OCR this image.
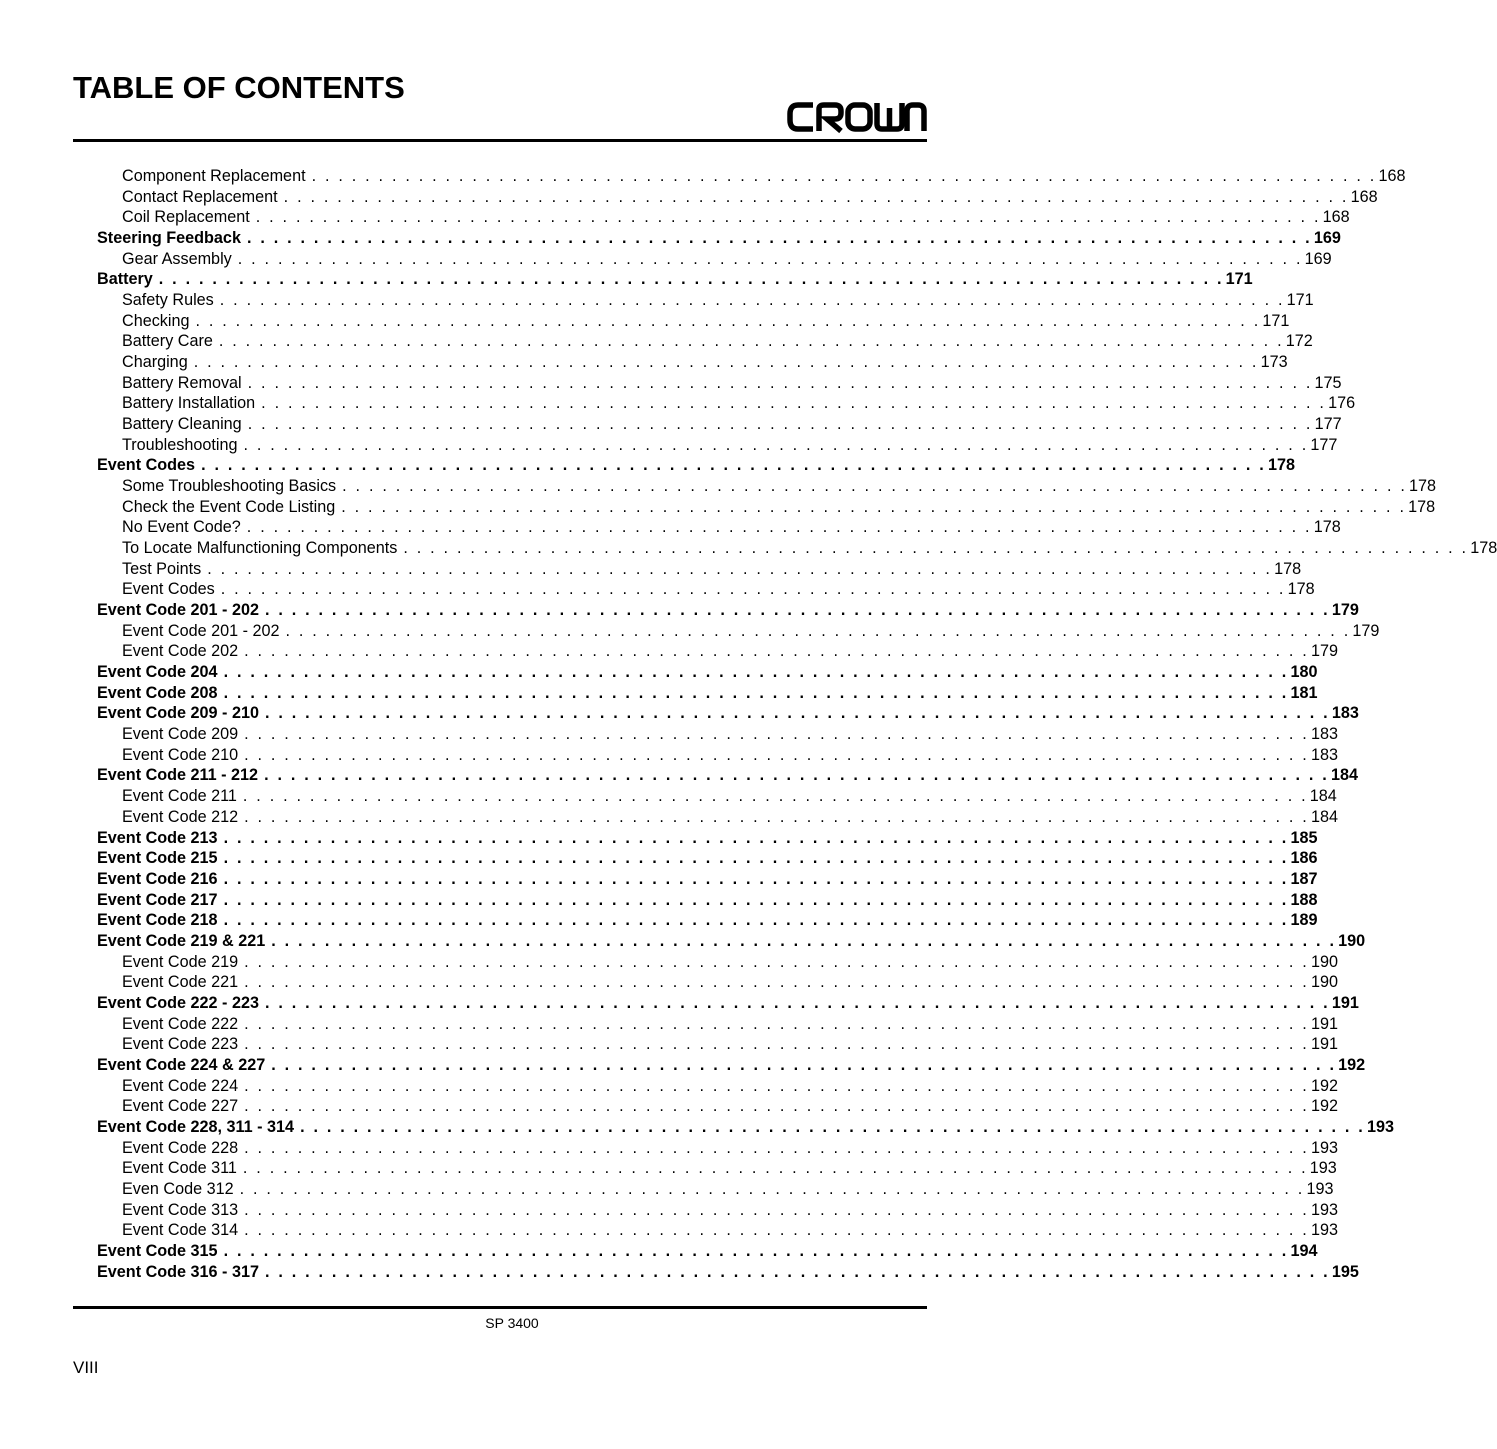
TABLE OF CONTENTS
Component Replacement . . . . . . . . . . . . . . . . . . . . . . . . . . . . . . . . . . . . . . . . . . . . . . . . . . . . . . . . . . . . . . . . . . . . . . . . . . . . . . . . 168
Contact Replacement . . . . . . . . . . . . . . . . . . . . . . . . . . . . . . . . . . . . . . . . . . . . . . . . . . . . . . . . . . . . . . . . . . . . . . . . . . . . . . . . 168
Coil Replacement . . . . . . . . . . . . . . . . . . . . . . . . . . . . . . . . . . . . . . . . . . . . . . . . . . . . . . . . . . . . . . . . . . . . . . . . . . . . . . . . 168
Steering Feedback . . . . . . . . . . . . . . . . . . . . . . . . . . . . . . . . . . . . . . . . . . . . . . . . . . . . . . . . . . . . . . . . . . . . . . . . . . . . . . . . 169
Gear Assembly . . . . . . . . . . . . . . . . . . . . . . . . . . . . . . . . . . . . . . . . . . . . . . . . . . . . . . . . . . . . . . . . . . . . . . . . . . . . . . . . 169
Battery . . . . . . . . . . . . . . . . . . . . . . . . . . . . . . . . . . . . . . . . . . . . . . . . . . . . . . . . . . . . . . . . . . . . . . . . . . . . . . . . 171
Safety Rules . . . . . . . . . . . . . . . . . . . . . . . . . . . . . . . . . . . . . . . . . . . . . . . . . . . . . . . . . . . . . . . . . . . . . . . . . . . . . . . . 171
Checking . . . . . . . . . . . . . . . . . . . . . . . . . . . . . . . . . . . . . . . . . . . . . . . . . . . . . . . . . . . . . . . . . . . . . . . . . . . . . . . . 171
Battery Care . . . . . . . . . . . . . . . . . . . . . . . . . . . . . . . . . . . . . . . . . . . . . . . . . . . . . . . . . . . . . . . . . . . . . . . . . . . . . . . . 172
Charging . . . . . . . . . . . . . . . . . . . . . . . . . . . . . . . . . . . . . . . . . . . . . . . . . . . . . . . . . . . . . . . . . . . . . . . . . . . . . . . . 173
Battery Removal . . . . . . . . . . . . . . . . . . . . . . . . . . . . . . . . . . . . . . . . . . . . . . . . . . . . . . . . . . . . . . . . . . . . . . . . . . . . . . . . 175
Battery Installation . . . . . . . . . . . . . . . . . . . . . . . . . . . . . . . . . . . . . . . . . . . . . . . . . . . . . . . . . . . . . . . . . . . . . . . . . . . . . . . . 176
Battery Cleaning . . . . . . . . . . . . . . . . . . . . . . . . . . . . . . . . . . . . . . . . . . . . . . . . . . . . . . . . . . . . . . . . . . . . . . . . . . . . . . . . 177
Troubleshooting . . . . . . . . . . . . . . . . . . . . . . . . . . . . . . . . . . . . . . . . . . . . . . . . . . . . . . . . . . . . . . . . . . . . . . . . . . . . . . . . 177
Event Codes . . . . . . . . . . . . . . . . . . . . . . . . . . . . . . . . . . . . . . . . . . . . . . . . . . . . . . . . . . . . . . . . . . . . . . . . . . . . . . . . 178
Some Troubleshooting Basics . . . . . . . . . . . . . . . . . . . . . . . . . . . . . . . . . . . . . . . . . . . . . . . . . . . . . . . . . . . . . . . . . . . . . . . . . . . . . . . . 178
Check the Event Code Listing . . . . . . . . . . . . . . . . . . . . . . . . . . . . . . . . . . . . . . . . . . . . . . . . . . . . . . . . . . . . . . . . . . . . . . . . . . . . . . . . 178
No Event Code? . . . . . . . . . . . . . . . . . . . . . . . . . . . . . . . . . . . . . . . . . . . . . . . . . . . . . . . . . . . . . . . . . . . . . . . . . . . . . . . . 178
To Locate Malfunctioning Components . . . . . . . . . . . . . . . . . . . . . . . . . . . . . . . . . . . . . . . . . . . . . . . . . . . . . . . . . . . . . . . . . . . . . . . . . . . . . . . . 178
Test Points . . . . . . . . . . . . . . . . . . . . . . . . . . . . . . . . . . . . . . . . . . . . . . . . . . . . . . . . . . . . . . . . . . . . . . . . . . . . . . . . 178
Event Codes . . . . . . . . . . . . . . . . . . . . . . . . . . . . . . . . . . . . . . . . . . . . . . . . . . . . . . . . . . . . . . . . . . . . . . . . . . . . . . . . 178
Event Code 201 - 202 . . . . . . . . . . . . . . . . . . . . . . . . . . . . . . . . . . . . . . . . . . . . . . . . . . . . . . . . . . . . . . . . . . . . . . . . . . . . . . . . 179
Event Code 201 - 202 . . . . . . . . . . . . . . . . . . . . . . . . . . . . . . . . . . . . . . . . . . . . . . . . . . . . . . . . . . . . . . . . . . . . . . . . . . . . . . . . 179
Event Code 202 . . . . . . . . . . . . . . . . . . . . . . . . . . . . . . . . . . . . . . . . . . . . . . . . . . . . . . . . . . . . . . . . . . . . . . . . . . . . . . . . 179
Event Code 204 . . . . . . . . . . . . . . . . . . . . . . . . . . . . . . . . . . . . . . . . . . . . . . . . . . . . . . . . . . . . . . . . . . . . . . . . . . . . . . . . 180
Event Code 208 . . . . . . . . . . . . . . . . . . . . . . . . . . . . . . . . . . . . . . . . . . . . . . . . . . . . . . . . . . . . . . . . . . . . . . . . . . . . . . . . 181
Event Code 209 - 210 . . . . . . . . . . . . . . . . . . . . . . . . . . . . . . . . . . . . . . . . . . . . . . . . . . . . . . . . . . . . . . . . . . . . . . . . . . . . . . . . 183
Event Code 209 . . . . . . . . . . . . . . . . . . . . . . . . . . . . . . . . . . . . . . . . . . . . . . . . . . . . . . . . . . . . . . . . . . . . . . . . . . . . . . . . 183
Event Code 210 . . . . . . . . . . . . . . . . . . . . . . . . . . . . . . . . . . . . . . . . . . . . . . . . . . . . . . . . . . . . . . . . . . . . . . . . . . . . . . . . 183
Event Code 211 - 212 . . . . . . . . . . . . . . . . . . . . . . . . . . . . . . . . . . . . . . . . . . . . . . . . . . . . . . . . . . . . . . . . . . . . . . . . . . . . . . . . 184
Event Code 211 . . . . . . . . . . . . . . . . . . . . . . . . . . . . . . . . . . . . . . . . . . . . . . . . . . . . . . . . . . . . . . . . . . . . . . . . . . . . . . . . 184
Event Code 212 . . . . . . . . . . . . . . . . . . . . . . . . . . . . . . . . . . . . . . . . . . . . . . . . . . . . . . . . . . . . . . . . . . . . . . . . . . . . . . . . 184
Event Code 213 . . . . . . . . . . . . . . . . . . . . . . . . . . . . . . . . . . . . . . . . . . . . . . . . . . . . . . . . . . . . . . . . . . . . . . . . . . . . . . . . 185
Event Code 215 . . . . . . . . . . . . . . . . . . . . . . . . . . . . . . . . . . . . . . . . . . . . . . . . . . . . . . . . . . . . . . . . . . . . . . . . . . . . . . . . 186
Event Code 216 . . . . . . . . . . . . . . . . . . . . . . . . . . . . . . . . . . . . . . . . . . . . . . . . . . . . . . . . . . . . . . . . . . . . . . . . . . . . . . . . 187
Event Code 217 . . . . . . . . . . . . . . . . . . . . . . . . . . . . . . . . . . . . . . . . . . . . . . . . . . . . . . . . . . . . . . . . . . . . . . . . . . . . . . . . 188
Event Code 218 . . . . . . . . . . . . . . . . . . . . . . . . . . . . . . . . . . . . . . . . . . . . . . . . . . . . . . . . . . . . . . . . . . . . . . . . . . . . . . . . 189
Event Code 219 & 221 . . . . . . . . . . . . . . . . . . . . . . . . . . . . . . . . . . . . . . . . . . . . . . . . . . . . . . . . . . . . . . . . . . . . . . . . . . . . . . . . 190
Event Code 219 . . . . . . . . . . . . . . . . . . . . . . . . . . . . . . . . . . . . . . . . . . . . . . . . . . . . . . . . . . . . . . . . . . . . . . . . . . . . . . . . 190
Event Code 221 . . . . . . . . . . . . . . . . . . . . . . . . . . . . . . . . . . . . . . . . . . . . . . . . . . . . . . . . . . . . . . . . . . . . . . . . . . . . . . . . 190
Event Code 222 - 223 . . . . . . . . . . . . . . . . . . . . . . . . . . . . . . . . . . . . . . . . . . . . . . . . . . . . . . . . . . . . . . . . . . . . . . . . . . . . . . . . 191
Event Code 222 . . . . . . . . . . . . . . . . . . . . . . . . . . . . . . . . . . . . . . . . . . . . . . . . . . . . . . . . . . . . . . . . . . . . . . . . . . . . . . . . 191
Event Code 223 . . . . . . . . . . . . . . . . . . . . . . . . . . . . . . . . . . . . . . . . . . . . . . . . . . . . . . . . . . . . . . . . . . . . . . . . . . . . . . . . 191
Event Code 224 & 227 . . . . . . . . . . . . . . . . . . . . . . . . . . . . . . . . . . . . . . . . . . . . . . . . . . . . . . . . . . . . . . . . . . . . . . . . . . . . . . . . 192
Event Code 224 . . . . . . . . . . . . . . . . . . . . . . . . . . . . . . . . . . . . . . . . . . . . . . . . . . . . . . . . . . . . . . . . . . . . . . . . . . . . . . . . 192
Event Code 227 . . . . . . . . . . . . . . . . . . . . . . . . . . . . . . . . . . . . . . . . . . . . . . . . . . . . . . . . . . . . . . . . . . . . . . . . . . . . . . . . 192
Event Code 228, 311 - 314 . . . . . . . . . . . . . . . . . . . . . . . . . . . . . . . . . . . . . . . . . . . . . . . . . . . . . . . . . . . . . . . . . . . . . . . . . . . . . . . . 193
Event Code 228 . . . . . . . . . . . . . . . . . . . . . . . . . . . . . . . . . . . . . . . . . . . . . . . . . . . . . . . . . . . . . . . . . . . . . . . . . . . . . . . . 193
Event Code 311 . . . . . . . . . . . . . . . . . . . . . . . . . . . . . . . . . . . . . . . . . . . . . . . . . . . . . . . . . . . . . . . . . . . . . . . . . . . . . . . . 193
Even Code 312 . . . . . . . . . . . . . . . . . . . . . . . . . . . . . . . . . . . . . . . . . . . . . . . . . . . . . . . . . . . . . . . . . . . . . . . . . . . . . . . . 193
Event Code 313 . . . . . . . . . . . . . . . . . . . . . . . . . . . . . . . . . . . . . . . . . . . . . . . . . . . . . . . . . . . . . . . . . . . . . . . . . . . . . . . . 193
Event Code 314 . . . . . . . . . . . . . . . . . . . . . . . . . . . . . . . . . . . . . . . . . . . . . . . . . . . . . . . . . . . . . . . . . . . . . . . . . . . . . . . . 193
Event Code 315 . . . . . . . . . . . . . . . . . . . . . . . . . . . . . . . . . . . . . . . . . . . . . . . . . . . . . . . . . . . . . . . . . . . . . . . . . . . . . . . . 194
Event Code 316 - 317 . . . . . . . . . . . . . . . . . . . . . . . . . . . . . . . . . . . . . . . . . . . . . . . . . . . . . . . . . . . . . . . . . . . . . . . . . . . . . . . . 195
SP 3400
VIII
